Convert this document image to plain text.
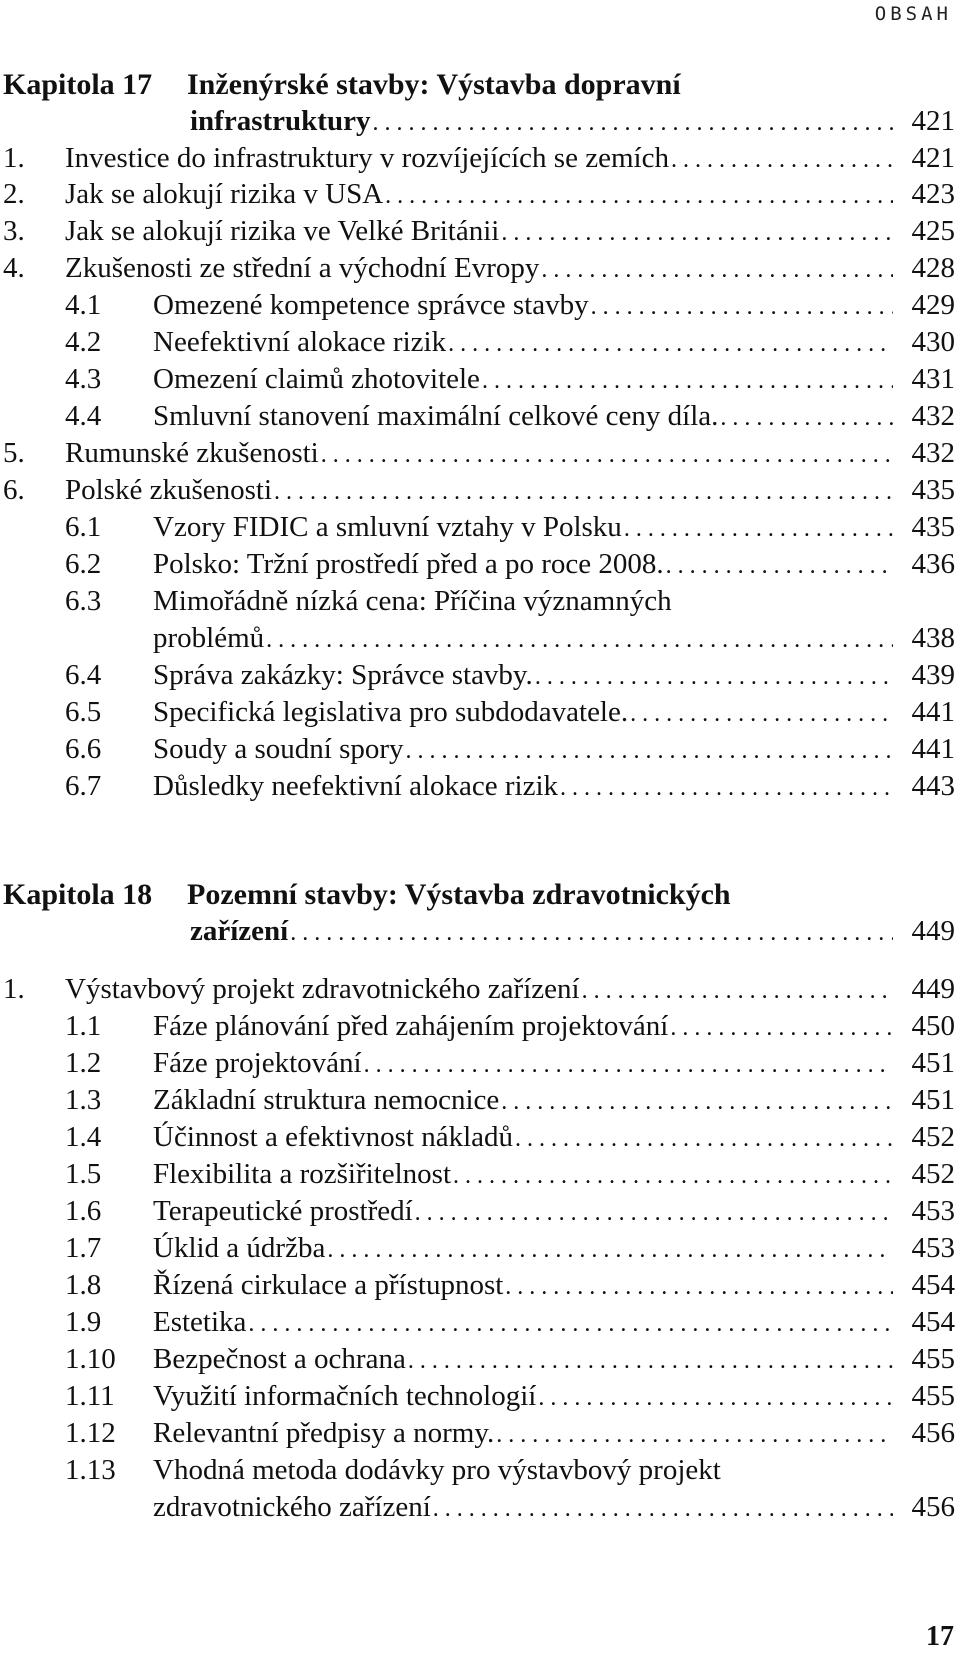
OBSAH
Kapitola 17 Inženýrské stavby: Výstavba dopravní
infrastruktury . . .	421
1. Investice do infrastruktury v rozvíjejících se zemích . . .	421
2. Jak se alokují rizika v USA . . .	423
3. Jak se alokují rizika ve Velké Británii . . .	425
4. Zkušenosti ze střední a východní Evropy . . .	428
4.1 Omezené kompetence správce stavby . . .	429
4.2 Neefektivní alokace rizik . . .	430
4.3 Omezení claimů zhotovitele . . .	431
4.4 Smluvní stanovení maximální celkové ceny díla. . . .	432
5. Rumunské zkušenosti . . .	432
6. Polské zkušenosti . . .	435
6.1 Vzory FIDIC a smluvní vztahy v Polsku . . .	435
6.2 Polsko: Tržní prostředí před a po roce 2008. . . .	436
6.3 Mimořádně nízká cena: Příčina významných
problémů . . .	438
6.4 Správa zakázky: Správce stavby. . . .	439
6.5 Specifická legislativa pro subdodavatele. . . .	441
6.6 Soudy a soudní spory . . .	441
6.7 Důsledky neefektivní alokace rizik . . .	443
Kapitola 18 Pozemní stavby: Výstavba zdravotnických
zařízení . . .	449
1. Výstavbový projekt zdravotnického zařízení . . .	449
1.1 Fáze plánování před zahájením projektování . . .	450
1.2 Fáze projektování . . .	451
1.3 Základní struktura nemocnice . . .	451
1.4 Účinnost a efektivnost nákladů . . .	452
1.5 Flexibilita a rozšiřitelnost . . .	452
1.6 Terapeutické prostředí . . .	453
1.7 Úklid a údržba . . .	453
1.8 Řízená cirkulace a přístupnost . . .	454
1.9 Estetika . . .	454
1.10 Bezpečnost a ochrana . . .	455
1.11 Využití informačních technologií . . .	455
1.12 Relevantní předpisy a normy. . . .	456
1.13 Vhodná metoda dodávky pro výstavbový projekt
zdravotnického zařízení . . .	456
17
